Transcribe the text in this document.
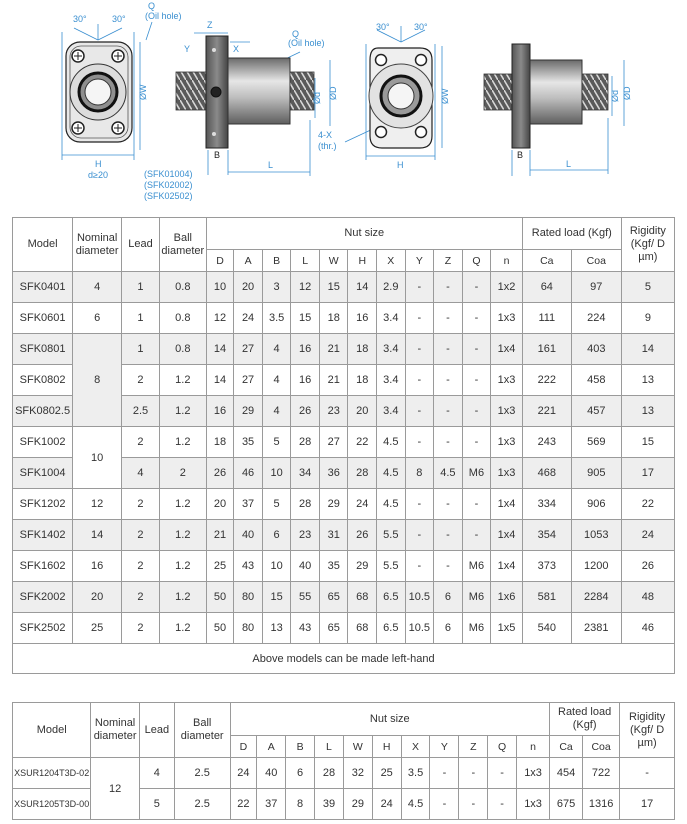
30°	30°
Q
(Oil hole)
ØW
H
d≥20
Z
Y	X
Q
(Oil hole)
Ød ØD
B
L
4-X
(thr.)
(SFK01004)
(SFK02002)
(SFK02502)
30°	30°
ØW
H
Ød ØD
B
L
Model	Nominal diameter	Lead	Ball diameter	Nut size											Rated load (Kgf)		Rigidity (Kgf/ D µm)
				D	A	B	L	W	H	X	Y	Z	Q	n	Ca	Coa	
SFK0401	4	1	0.8	10	20	3	12	15	14	2.9	-	-	-	1x2	64	97	5
SFK0601	6	1	0.8	12	24	3.5	15	18	16	3.4	-	-	-	1x3	111	224	9
SFK0801	8	1	0.8	14	27	4	16	21	18	3.4	-	-	-	1x4	161	403	14
SFK0802		2	1.2	14	27	4	16	21	18	3.4	-	-	-	1x3	222	458	13
SFK0802.5		2.5	1.2	16	29	4	26	23	20	3.4	-	-	-	1x3	221	457	13
SFK1002	10	2	1.2	18	35	5	28	27	22	4.5	-	-	-	1x3	243	569	15
SFK1004		4	2	26	46	10	34	36	28	4.5	8	4.5	M6	1x3	468	905	17
SFK1202	12	2	1.2	20	37	5	28	29	24	4.5	-	-	-	1x4	334	906	22
SFK1402	14	2	1.2	21	40	6	23	31	26	5.5	-	-	-	1x4	354	1053	24
SFK1602	16	2	1.2	25	43	10	40	35	29	5.5	-	-	M6	1x4	373	1200	26
SFK2002	20	2	1.2	50	80	15	55	65	68	6.5	10.5	6	M6	1x6	581	2284	48
SFK2502	25	2	1.2	50	80	13	43	65	68	6.5	10.5	6	M6	1x5	540	2381	46
Above models can be made left-hand																	
Model	Nominal diameter	Lead	Ball diameter	Nut size											Rated load (Kgf)		Rigidity (Kgf/ D µm)
				D	A	B	L	W	H	X	Y	Z	Q	n	Ca	Coa	
XSUR1204T3D-02	12	4	2.5	24	40	6	28	32	25	3.5	-	-	-	1x3	454	722	-
XSUR1205T3D-00		5	2.5	22	37	8	39	29	24	4.5	-	-	-	1x3	675	1316	17
